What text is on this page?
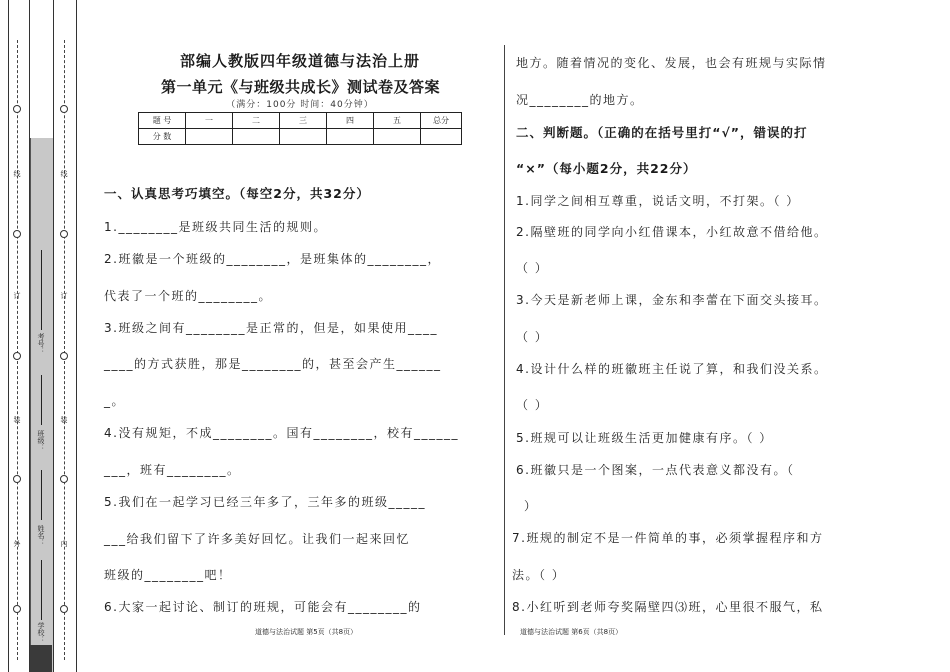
线
订
装
外
线
订
装
内
考号：
班级：
姓名：
学校：
部编人教版四年级道德与法治上册
第一单元《与班级共成长》测试卷及答案
（满分：100分 时间：40分钟）
题 号	一	二	三	四	五	总分
分 数						
一、认真思考巧填空。（每空2分，共32分）
1.________是班级共同生活的规则。
2.班徽是一个班级的________，是班集体的________，
代表了一个班的________。
3.班级之间有________是正常的，但是，如果使用____
____的方式获胜，那是________的，甚至会产生______
_。
4.没有规矩，不成________。国有________，校有______
___，班有________。
5.我们在一起学习已经三年多了，三年多的班级_____
___给我们留下了许多美好回忆。让我们一起来回忆
班级的________吧！
6.大家一起讨论、制订的班规，可能会有________的
道德与法治试题 第5页（共8页）
地方。随着情况的变化、发展，也会有班规与实际情
况________的地方。
二、判断题。（正确的在括号里打“√”，错误的打
“×”（每小题2分，共22分）
1.同学之间相互尊重，说话文明，不打架。（ ）
2.隔壁班的同学向小红借课本，小红故意不借给他。
（ ）
3.今天是新老师上课，金东和李蕾在下面交头接耳。
（ ）
4.设计什么样的班徽班主任说了算，和我们没关系。
（ ）
5.班规可以让班级生活更加健康有序。（ ）
6.班徽只是一个图案，一点代表意义都没有。（
）
7.班规的制定不是一件简单的事，必须掌握程序和方
法。（ ）
8.小红听到老师夸奖隔壁四⑶班，心里很不服气，私
道德与法治试题 第6页（共8页）
